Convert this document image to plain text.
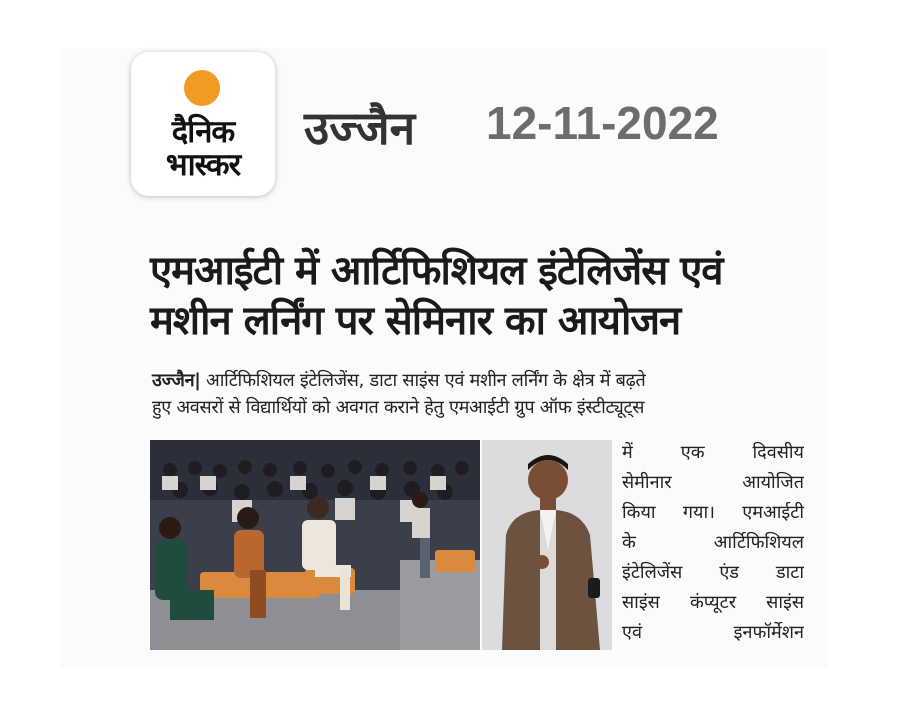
दैनिक
भास्कर
उज्जैन 12-11-2022
एमआईटी में आर्टिफिशियल इंटेलिजेंस एवं
मशीन लर्निंग पर सेमिनार का आयोजन
उज्जैन| आर्टिफिशियल इंटेलिजेंस, डाटा साइंस एवं मशीन लर्निंग के क्षेत्र में बढ़ते
हुए अवसरों से विद्यार्थियों को अवगत कराने हेतु एमआईटी ग्रुप ऑफ इंस्टीट्यूट्स
में एक दिवसीय
सेमीनार आयोजित
किया गया। एमआईटी
के आर्टिफिशियल
इंटेलिजेंस एंड डाटा
साइंस कंप्यूटर साइंस
एवं इनफॉर्मेशन
